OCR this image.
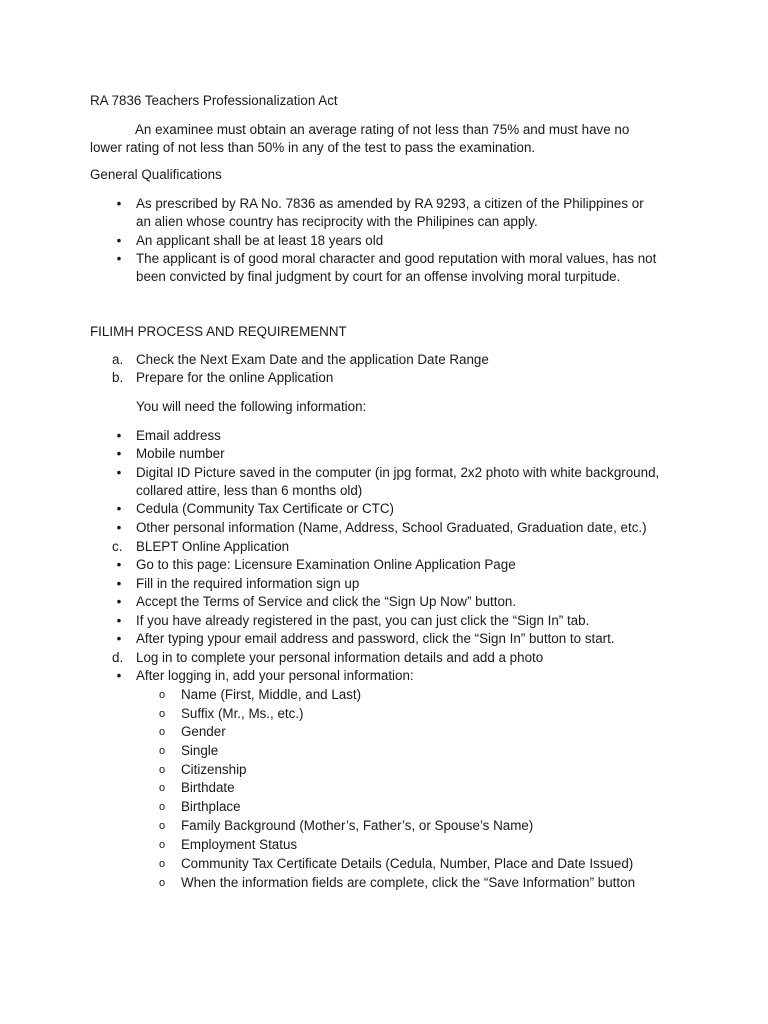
RA 7836 Teachers Professionalization Act

An examinee must obtain an average rating of not less than 75% and must have no

lower rating of not less than 50% in any of the test to pass the examination.

General Qualifications

• As prescribed by RA No. 7836 as amended by RA 9293, a citizen of the Philippines or

an alien whose country has reciprocity with the Philipines can apply.

• An applicant shall be at least 18 years old

• The applicant is of good moral character and good reputation with moral values, has not

been convicted by final judgment by court for an offense involving moral turpitude.

FILIMH PROCESS AND REQUIREMENNT

a. Check the Next Exam Date and the application Date Range

b. Prepare for the online Application

You will need the following information:

• Email address

• Mobile number

• Digital ID Picture saved in the computer (in jpg format, 2x2 photo with white background,

collared attire, less than 6 months old)

• Cedula (Community Tax Certificate or CTC)

• Other personal information (Name, Address, School Graduated, Graduation date, etc.)

c. BLEPT Online Application

• Go to this page: Licensure Examination Online Application Page

• Fill in the required information sign up

• Accept the Terms of Service and click the “Sign Up Now” button.

• If you have already registered in the past, you can just click the “Sign In” tab.

• After typing ypour email address and password, click the “Sign In” button to start.

d. Log in to complete your personal information details and add a photo

• After logging in, add your personal information:

o Name (First, Middle, and Last)

o Suffix (Mr., Ms., etc.)

o Gender

o Single

o Citizenship

o Birthdate

o Birthplace

o Family Background (Mother’s, Father’s, or Spouse’s Name)

o Employment Status

o Community Tax Certificate Details (Cedula, Number, Place and Date Issued)

o When the information fields are complete, click the “Save Information” button
